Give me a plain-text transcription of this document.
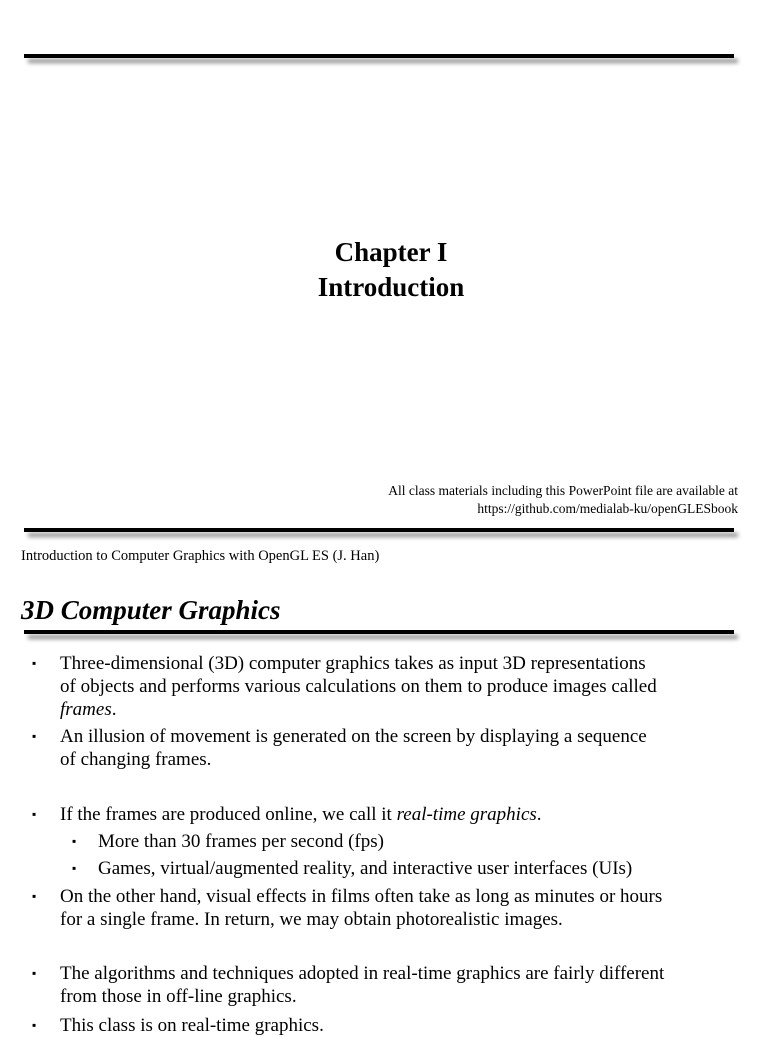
Chapter I
Introduction
All class materials including this PowerPoint file are available at
https://github.com/medialab-ku/openGLESbook
Introduction to Computer Graphics with OpenGL ES (J. Han)
3D Computer Graphics
▪ Three-dimensional (3D) computer graphics takes as input 3D representations
of objects and performs various calculations on them to produce images called
frames.
▪ An illusion of movement is generated on the screen by displaying a sequence
of changing frames.
▪ If the frames are produced online, we call it real-time graphics.
▪ More than 30 frames per second (fps)
▪ Games, virtual/augmented reality, and interactive user interfaces (UIs)
▪ On the other hand, visual effects in films often take as long as minutes or hours
for a single frame. In return, we may obtain photorealistic images.
▪ The algorithms and techniques adopted in real-time graphics are fairly different
from those in off-line graphics.
▪ This class is on real-time graphics.
